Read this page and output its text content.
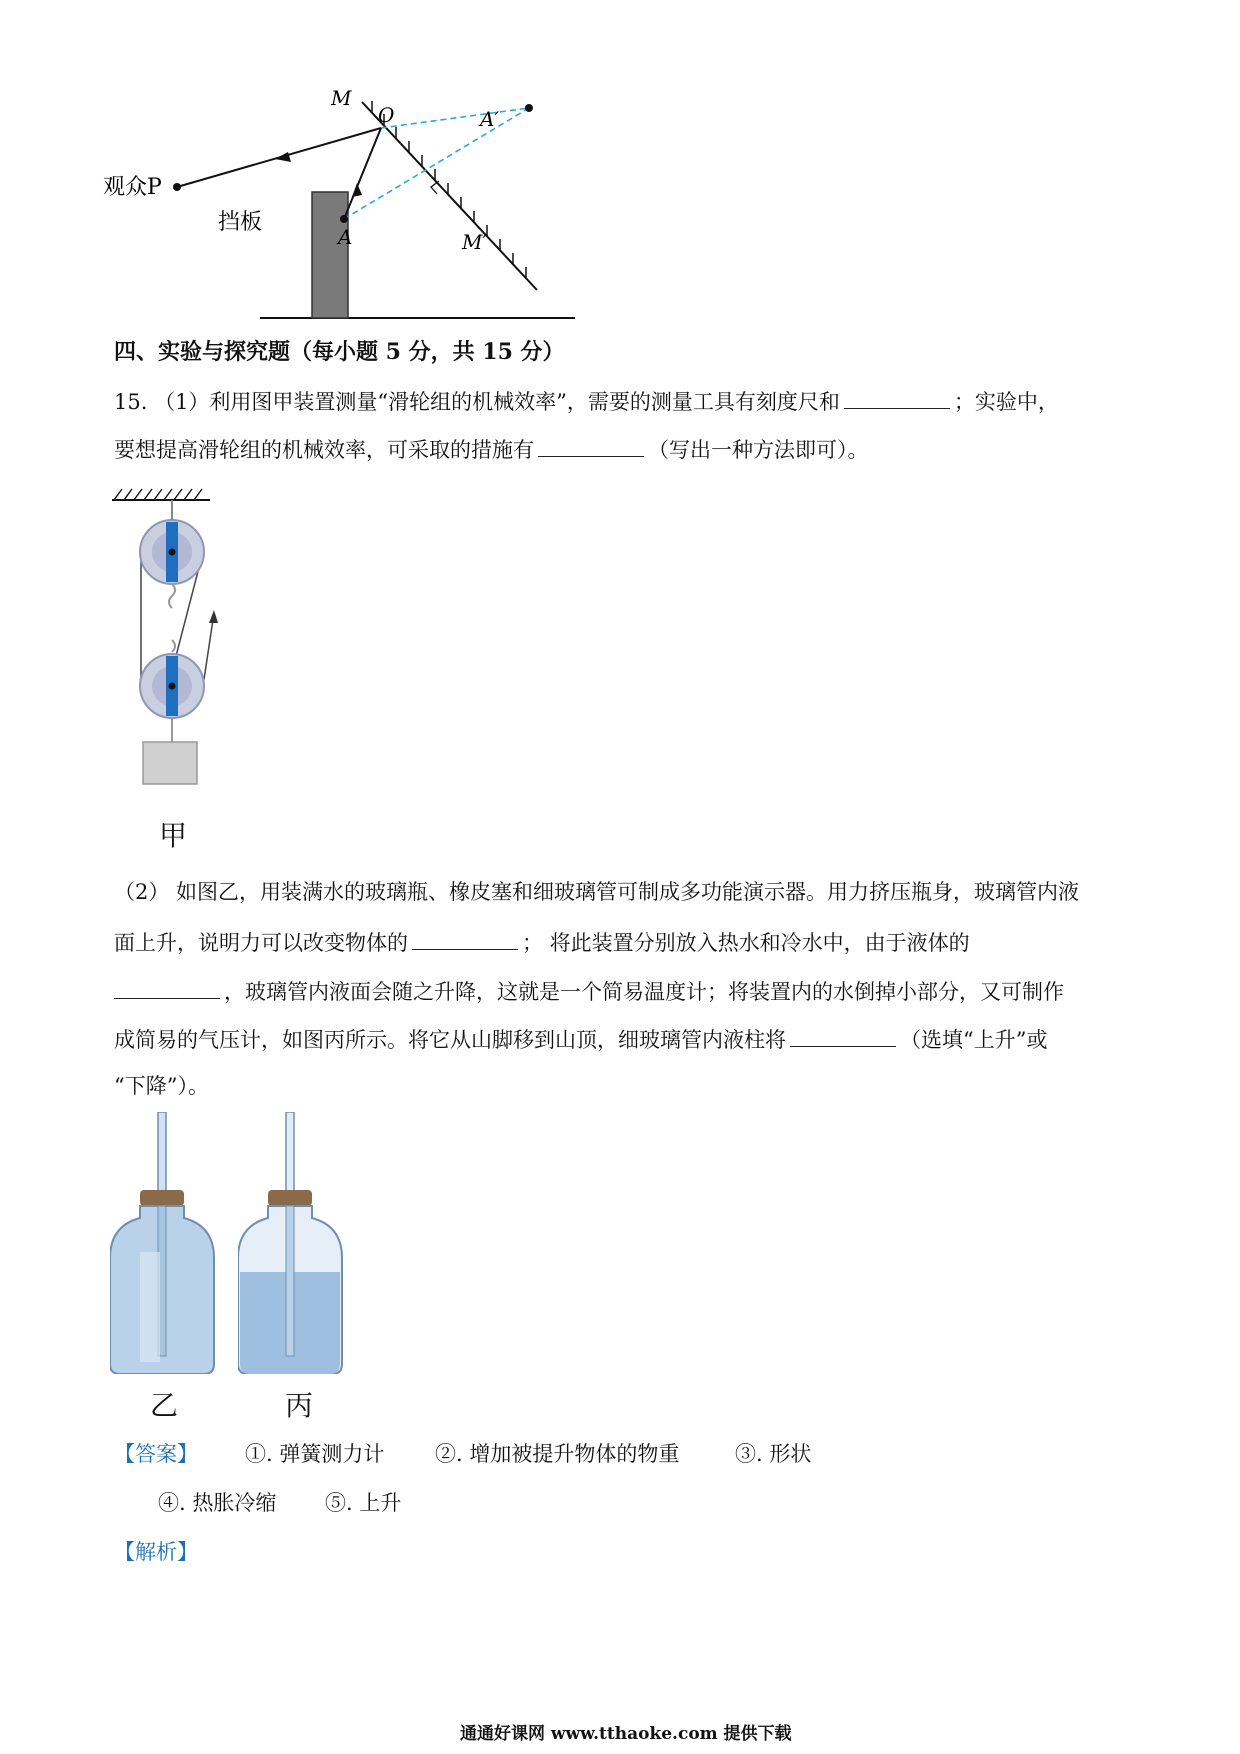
M
O	A′
A	M′
观众P
挡板
四、实验与探究题（每小题 5 分，共 15 分）
15. （1）利用图甲装置测量“滑轮组的机械效率”，需要的测量工具有刻度尺和	；实验中，
要想提高滑轮组的机械效率，可采取的措施有	（写出一种方法即可）。
甲
（2） 如图乙，用装满水的玻璃瓶、橡皮塞和细玻璃管可制成多功能演示器。用力挤压瓶身，玻璃管内液
面上升，说明力可以改变物体的	； 将此装置分别放入热水和冷水中，由于液体的
，玻璃管内液面会随之升降，这就是一个简易温度计；将装置内的水倒掉小部分，又可制作
成简易的气压计，如图丙所示。将它从山脚移到山顶，细玻璃管内液柱将	（选填“上升”或
“下降”）。
乙	丙
【答案】 ①. 弹簧测力计 ②. 增加被提升物体的物重	③. 形状
④. 热胀冷缩 ⑤. 上升
【解析】
通通好课网 www.tthaoke.com 提供下载
